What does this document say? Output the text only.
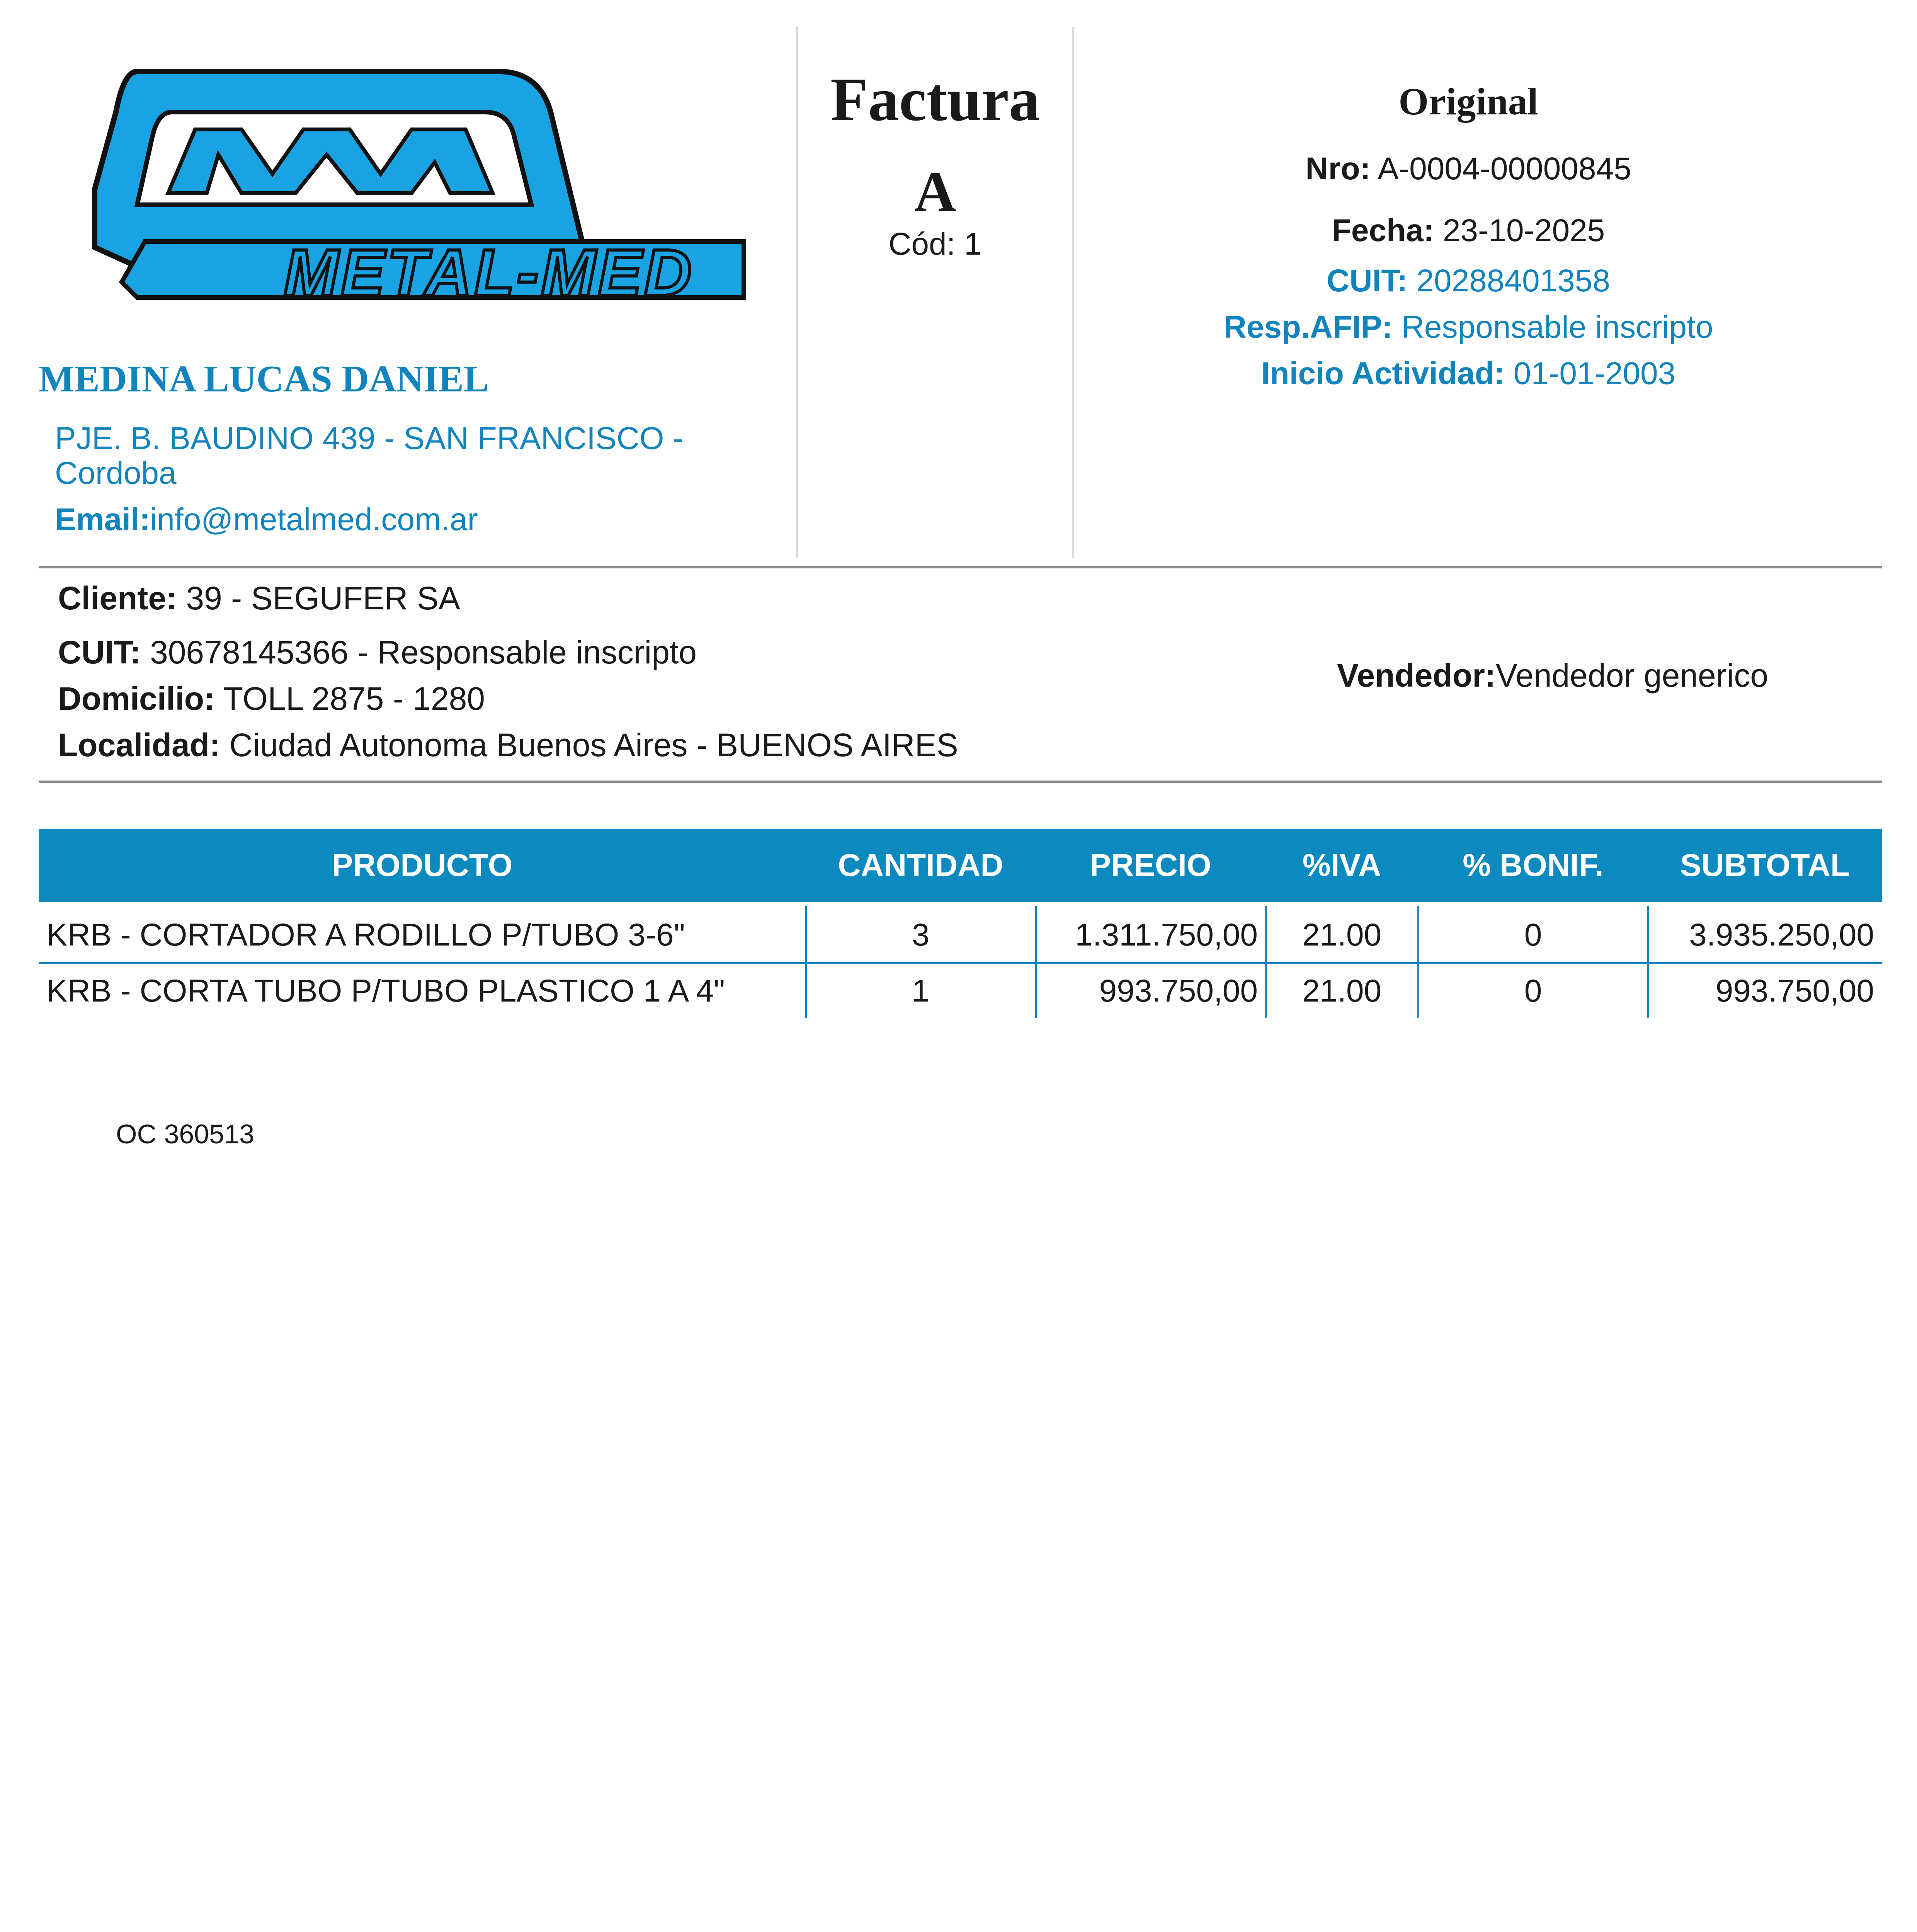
METAL-MED
MEDINA LUCAS DANIEL
PJE. B. BAUDINO 439 - SAN FRANCISCO - Cordoba
Email:info@metalmed.com.ar
Factura
A
Cód: 1
Original
Nro: A-0004-00000845
Fecha: 23-10-2025
CUIT: 20288401358
Resp.AFIP: Responsable inscripto
Inicio Actividad: 01-01-2003
Cliente: 39 - SEGUFER SA
CUIT: 30678145366 - Responsable inscripto
Domicilio: TOLL 2875 - 1280
Localidad: Ciudad Autonoma Buenos Aires - BUENOS AIRES
Vendedor:Vendedor generico
PRODUCTO	CANTIDAD	PRECIO	%IVA	% BONIF.	SUBTOTAL
KRB - CORTADOR A RODILLO P/TUBO 3-6"	3	1.311.750,00	21.00	0	3.935.250,00
KRB - CORTA TUBO P/TUBO PLASTICO 1 A 4"	1	993.750,00	21.00	0	993.750,00
OC 360513
